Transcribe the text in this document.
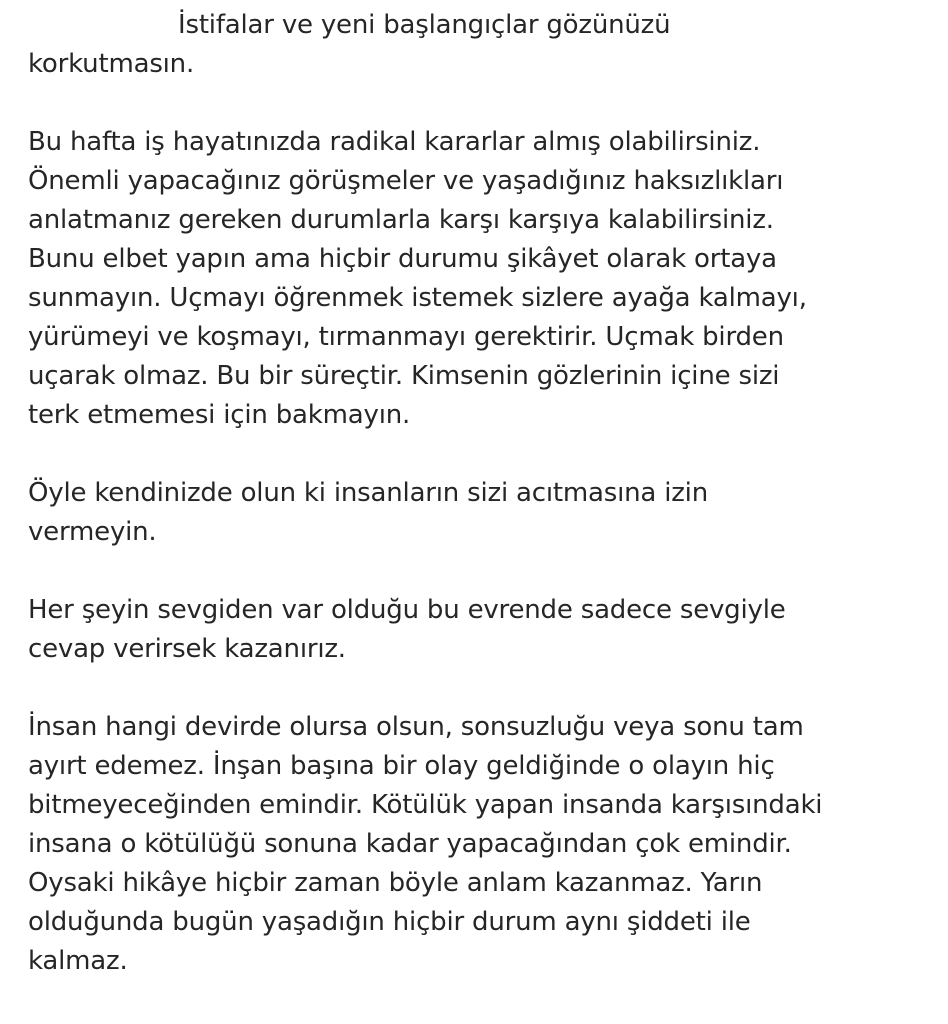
İstifalar ve yeni başlangıçlar gözünüzü
korkutmasın.

Bu hafta iş hayatınızda radikal kararlar almış olabilirsiniz.
Önemli yapacağınız görüşmeler ve yaşadığınız haksızlıkları
anlatmanız gereken durumlarla karşı karşıya kalabilirsiniz.
Bunu elbet yapın ama hiçbir durumu şikâyet olarak ortaya
sunmayın. Uçmayı öğrenmek istemek sizlere ayağa kalmayı,
yürümeyi ve koşmayı, tırmanmayı gerektirir. Uçmak birden
uçarak olmaz. Bu bir süreçtir. Kimsenin gözlerinin içine sizi
terk etmemesi için bakmayın.

Öyle kendinizde olun ki insanların sizi acıtmasına izin
vermeyin.

Her şeyin sevgiden var olduğu bu evrende sadece sevgiyle
cevap verirsek kazanırız.

İnsan hangi devirde olursa olsun, sonsuzluğu veya sonu tam
ayırt edemez. İnşan başına bir olay geldiğinde o olayın hiç
bitmeyeceğinden emindir. Kötülük yapan insanda karşısındaki
insana o kötülüğü sonuna kadar yapacağından çok emindir.
Oysaki hikâye hiçbir zaman böyle anlam kazanmaz. Yarın
olduğunda bugün yaşadığın hiçbir durum aynı şiddeti ile
kalmaz.
